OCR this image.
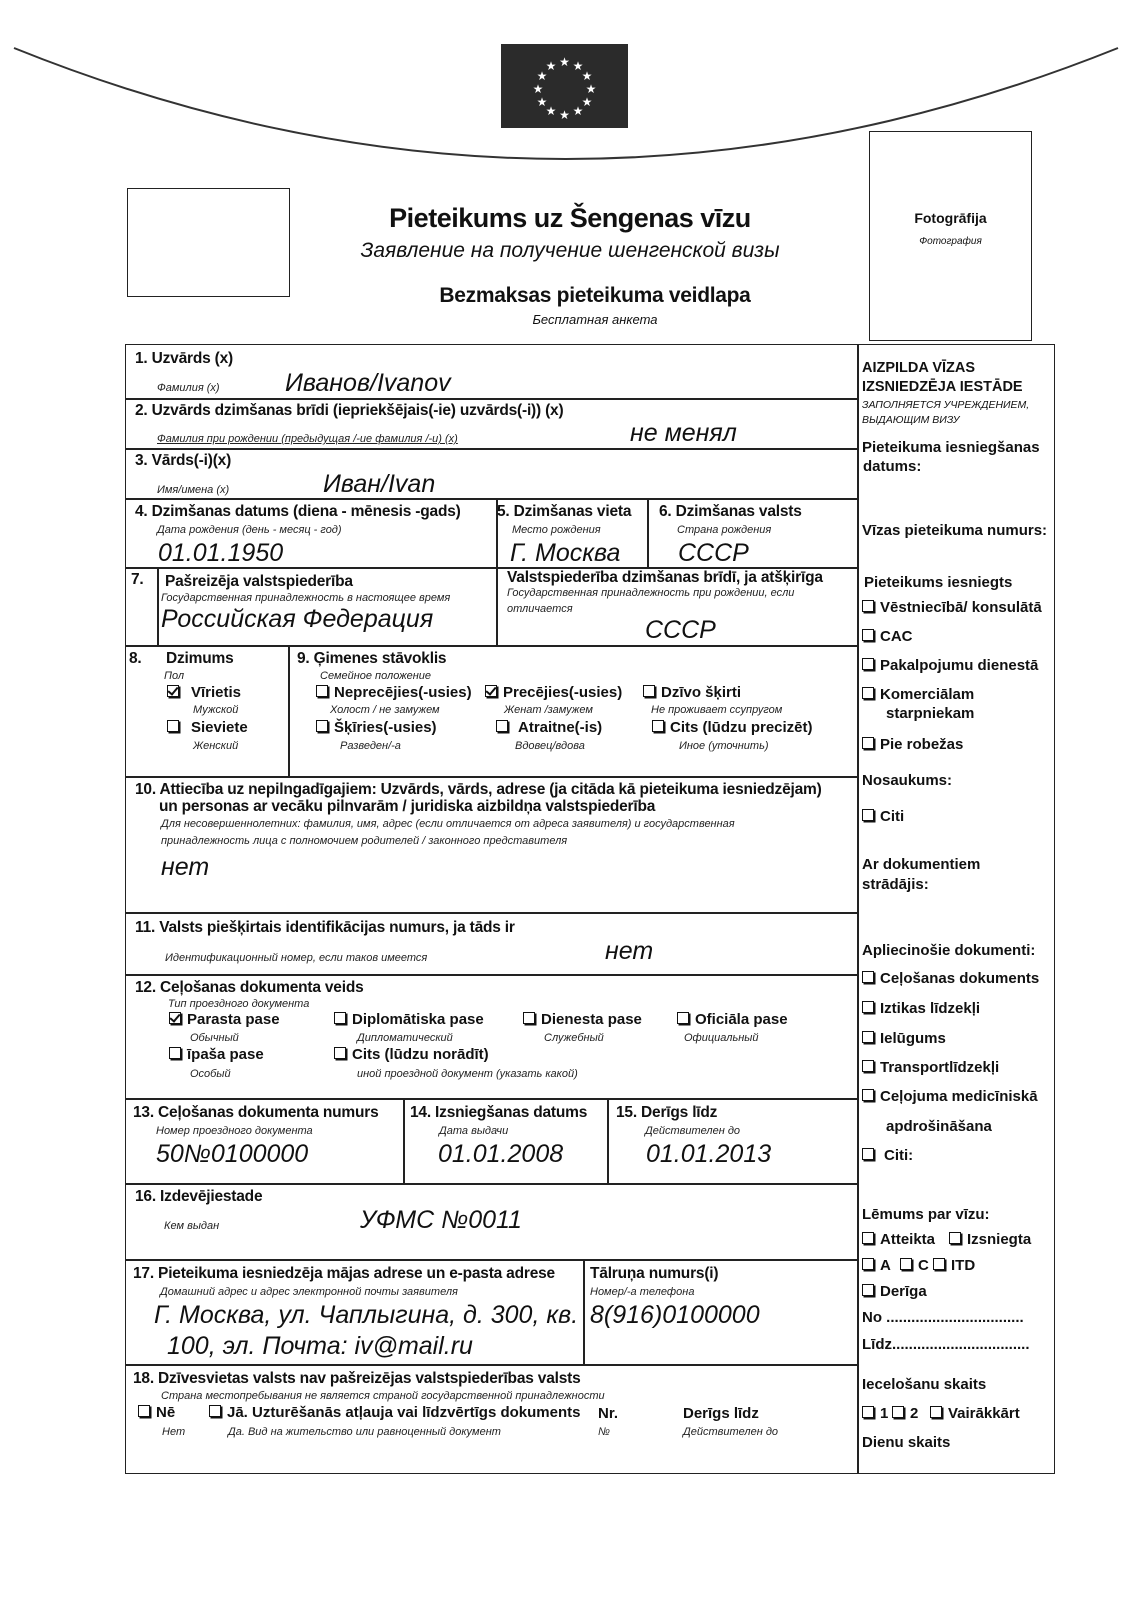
★ ★
★
★
★
★
★
★
★
★
★
★
Pieteikums uz Šengenas vīzu
Заявление на получение шенгенской визы
Bezmaksas pieteikuma veidlapa
Бесплатная анкета
Fotogrāfija
Фотография
1. Uzvārds (x)
Фамилия (x)	Иванов/Ivanov
2. Uzvārds dzimšanas brīdi (iepriekšējais(-ie) uzvārds(-i)) (x)
Фамилия при рождении (предыдущая /-ие фамилия /-и) (x)	не менял
3. Vārds(-i)(x)
Имя/имена (x)	Иван/Ivan
4. Dzimšanas datums (diena - mēnesis -gads)
Дата рождения (день - месяц - год)
01.01.1950
5. Dzimšanas vieta
Место рождения
Г. Москва
6. Dzimšanas valsts
Страна рождения
СССР
7. Pašreizēja valstspiederība
Государственная принадлежность в настоящее время
Российская Федерация
Valstspiederība dzimšanas brīdī, ja atšķirīga
Государственная принадлежность при рождении, если
отличается
СССР
8. Dzimums
Пол
Vīrietis
Мужской
Sieviete
Женский
9. Ģimenes stāvoklis
Семейное положение
Neprecējies(-usies)
Холост / не замужем
Precējies(-usies)
Женат /замужем
Dzīvo šķirti
Не проживает ссупругом
Šķīries(-usies)
Разведен/-а
Atraitne(-is)
Вдовец/вдова
Cits (lūdzu precizēt)
Иное (уточнить)
10. Attiecība uz nepilngadīgajiem: Uzvārds, vārds, adrese (ja citāda kā pieteikuma iesniedzējam)
un personas ar vecāku pilnvarām / juridiska aizbildņa valstspiederība
Для несовершеннолетних: фамилия, имя, адрес (если отличается от адреса заявителя) и государственная
принадлежность лица с полномочием родителей / законного представителя
нет
11. Valsts piešķirtais identifikācijas numurs, ja tāds ir
Идентификационный номер, если таков имеется	нет
12. Ceļošanas dokumenta veids
Тип проездного документа
Parasta pase
Обычный
Diplomātiska pase
Дипломатический
Dienesta pase
Служебный
Oficiāla pase
Официальный
īpaša pase
Особый
Cits (lūdzu norādīt)
иной проездной документ (указать какой)
13. Ceļošanas dokumenta numurs
Номер проездного документа
50№0100000
14. Izsniegšanas datums
Дата выдачи
01.01.2008
15. Derīgs līdz
Действителен до
01.01.2013
16. Izdevējiestade
Кем выдан	УФМС №0011
17. Pieteikuma iesniedzēja mājas adrese un e-pasta adrese
Домашний адрес и адрес электронной почты заявителя
Г. Москва, ул. Чаплыгина, д. 300, кв.
100, эл. Почта: iv@mail.ru
Tālruņa numurs(i)
Номер/-а телефона
8(916)0100000
18. Dzīvesvietas valsts nav pašreizējas valstspiederības valsts
Страна местопребывания не является страной государственной принадлежности
Nē
Нет
Jā. Uzturēšanās atļauja vai līdzvērtīgs dokuments
Да. Вид на жительство или равноценный документ
Nr.
№
Derīgs līdz
Действителен до
AIZPILDA VĪZAS
IZSNIEDZĒJA IESTĀDE
ЗАПОЛНЯЕТСЯ УЧРЕЖДЕНИЕМ,
ВЫДАЮЩИМ ВИЗУ
Pieteikuma iesniegšanas
datums:
Vīzas pieteikuma numurs:
Pieteikums iesniegts
Vēstniecībā/ konsulātā
CAC
Pakalpojumu dienestā
Komerciālam
starpniekam
Pie robežas
Nosaukums:
Citi
Ar dokumentiem
strādājis:
Apliecinošie dokumenti:
Ceļošanas dokuments
Iztikas līdzekļi
Ielūgums
Transportlīdzekļi
Ceļojuma medicīniskā
apdrošināšana
Citi:
Lēmums par vīzu:
Atteikta	Izsniegta
A	C	ITD
Derīga
No .................................
Līdz.................................
Iecelošanu skaits
1	2	Vairākkārt
Dienu skaits
